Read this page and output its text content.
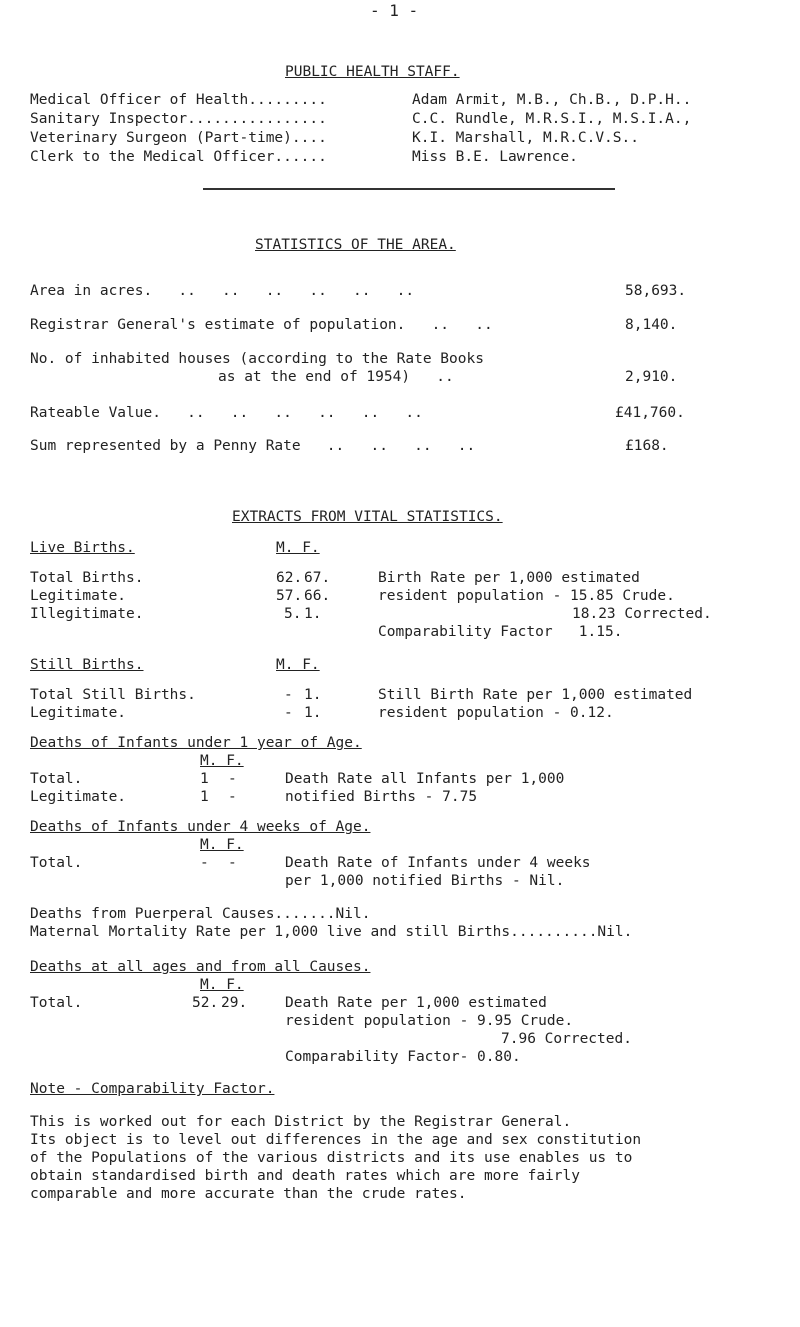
- 1 -
PUBLIC HEALTH STAFF.
Medical Officer of Health.........	Adam Armit, M.B., Ch.B., D.P.H..
Sanitary Inspector................	C.C. Rundle, M.R.S.I., M.S.I.A.,
Veterinary Surgeon (Part-time)....	K.I. Marshall, M.R.C.V.S..
Clerk to the Medical Officer......	Miss B.E. Lawrence.
STATISTICS OF THE AREA.
Area in acres.   ..   ..   ..   ..   ..   ..	58,693.
Registrar General's estimate of population.   ..   ..	8,140.
No. of inhabited houses (according to the Rate Books
as at the end of 1954)   ..	2,910.
Rateable Value.   ..   ..   ..   ..   ..   ..	£41,760.
Sum represented by a Penny Rate   ..   ..   ..   ..	£168.
EXTRACTS FROM VITAL STATISTICS.
Live Births.	M. F.
Total Births.	62. 67.
Legitimate.	57. 66.
Illegitimate.	5. 1.
Birth Rate per 1,000 estimated
resident population - 15.85 Crude.
18.23 Corrected.
Comparability Factor   1.15.
Still Births.	M. F.
Total Still Births.	- 1.
Legitimate.	- 1.
Still Birth Rate per 1,000 estimated
resident population - 0.12.
Deaths of Infants under 1 year of Age.
M. F.
Total.	1 -
Legitimate.	1 -
Death Rate all Infants per 1,000
notified Births - 7.75
Deaths of Infants under 4 weeks of Age.
M. F.
Total.	- -	Death Rate of Infants under 4 weeks
per 1,000 notified Births - Nil.
Deaths from Puerperal Causes.......Nil.
Maternal Mortality Rate per 1,000 live and still Births..........Nil.
Deaths at all ages and from all Causes.
M. F.
Total.	52. 29.	Death Rate per 1,000 estimated
resident population - 9.95 Crude.
7.96 Corrected.
Comparability Factor- 0.80.
Note - Comparability Factor.
This is worked out for each District by the Registrar General.
Its object is to level out differences in the age and sex constitution
of the Populations of the various districts and its use enables us to
obtain standardised birth and death rates which are more fairly
comparable and more accurate than the crude rates.
